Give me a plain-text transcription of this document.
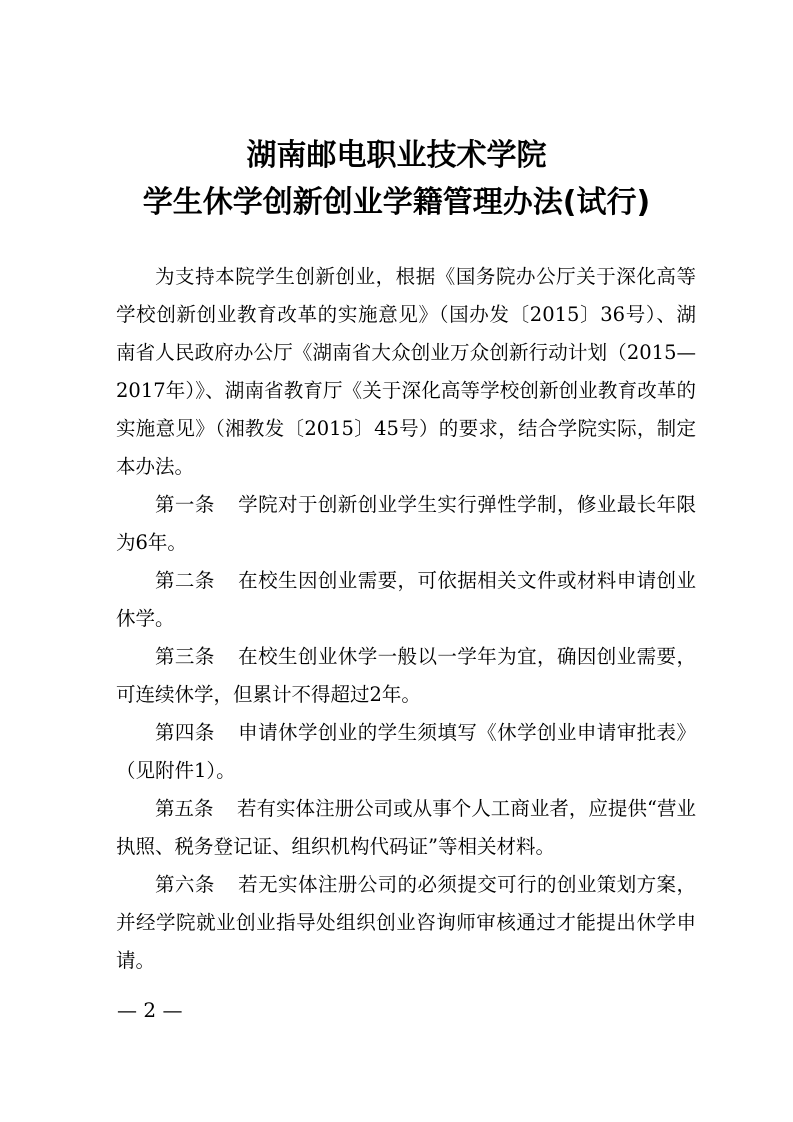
湖南邮电职业技术学院
学生休学创新创业学籍管理办法(试行)

为支持本院学生创新创业，根据《国务院办公厅关于深化高等学校创新创业教育改革的实施意见》（国办发〔2015〕36号）、湖南省人民政府办公厅《湖南省大众创业万众创新行动计划（2015—2017年）》、湖南省教育厅《关于深化高等学校创新创业教育改革的实施意见》（湘教发〔2015〕45号）的要求，结合学院实际，制定本办法。

第一条 学院对于创新创业学生实行弹性学制，修业最长年限为6年。

第二条 在校生因创业需要，可依据相关文件或材料申请创业休学。

第三条 在校生创业休学一般以一学年为宜，确因创业需要，可连续休学，但累计不得超过2年。

第四条 申请休学创业的学生须填写《休学创业申请审批表》（见附件1）。

第五条 若有实体注册公司或从事个人工商业者，应提供“营业执照、税务登记证、组织机构代码证”等相关材料。

第六条 若无实体注册公司的必须提交可行的创业策划方案，并经学院就业创业指导处组织创业咨询师审核通过才能提出休学申请。

— 2 —
